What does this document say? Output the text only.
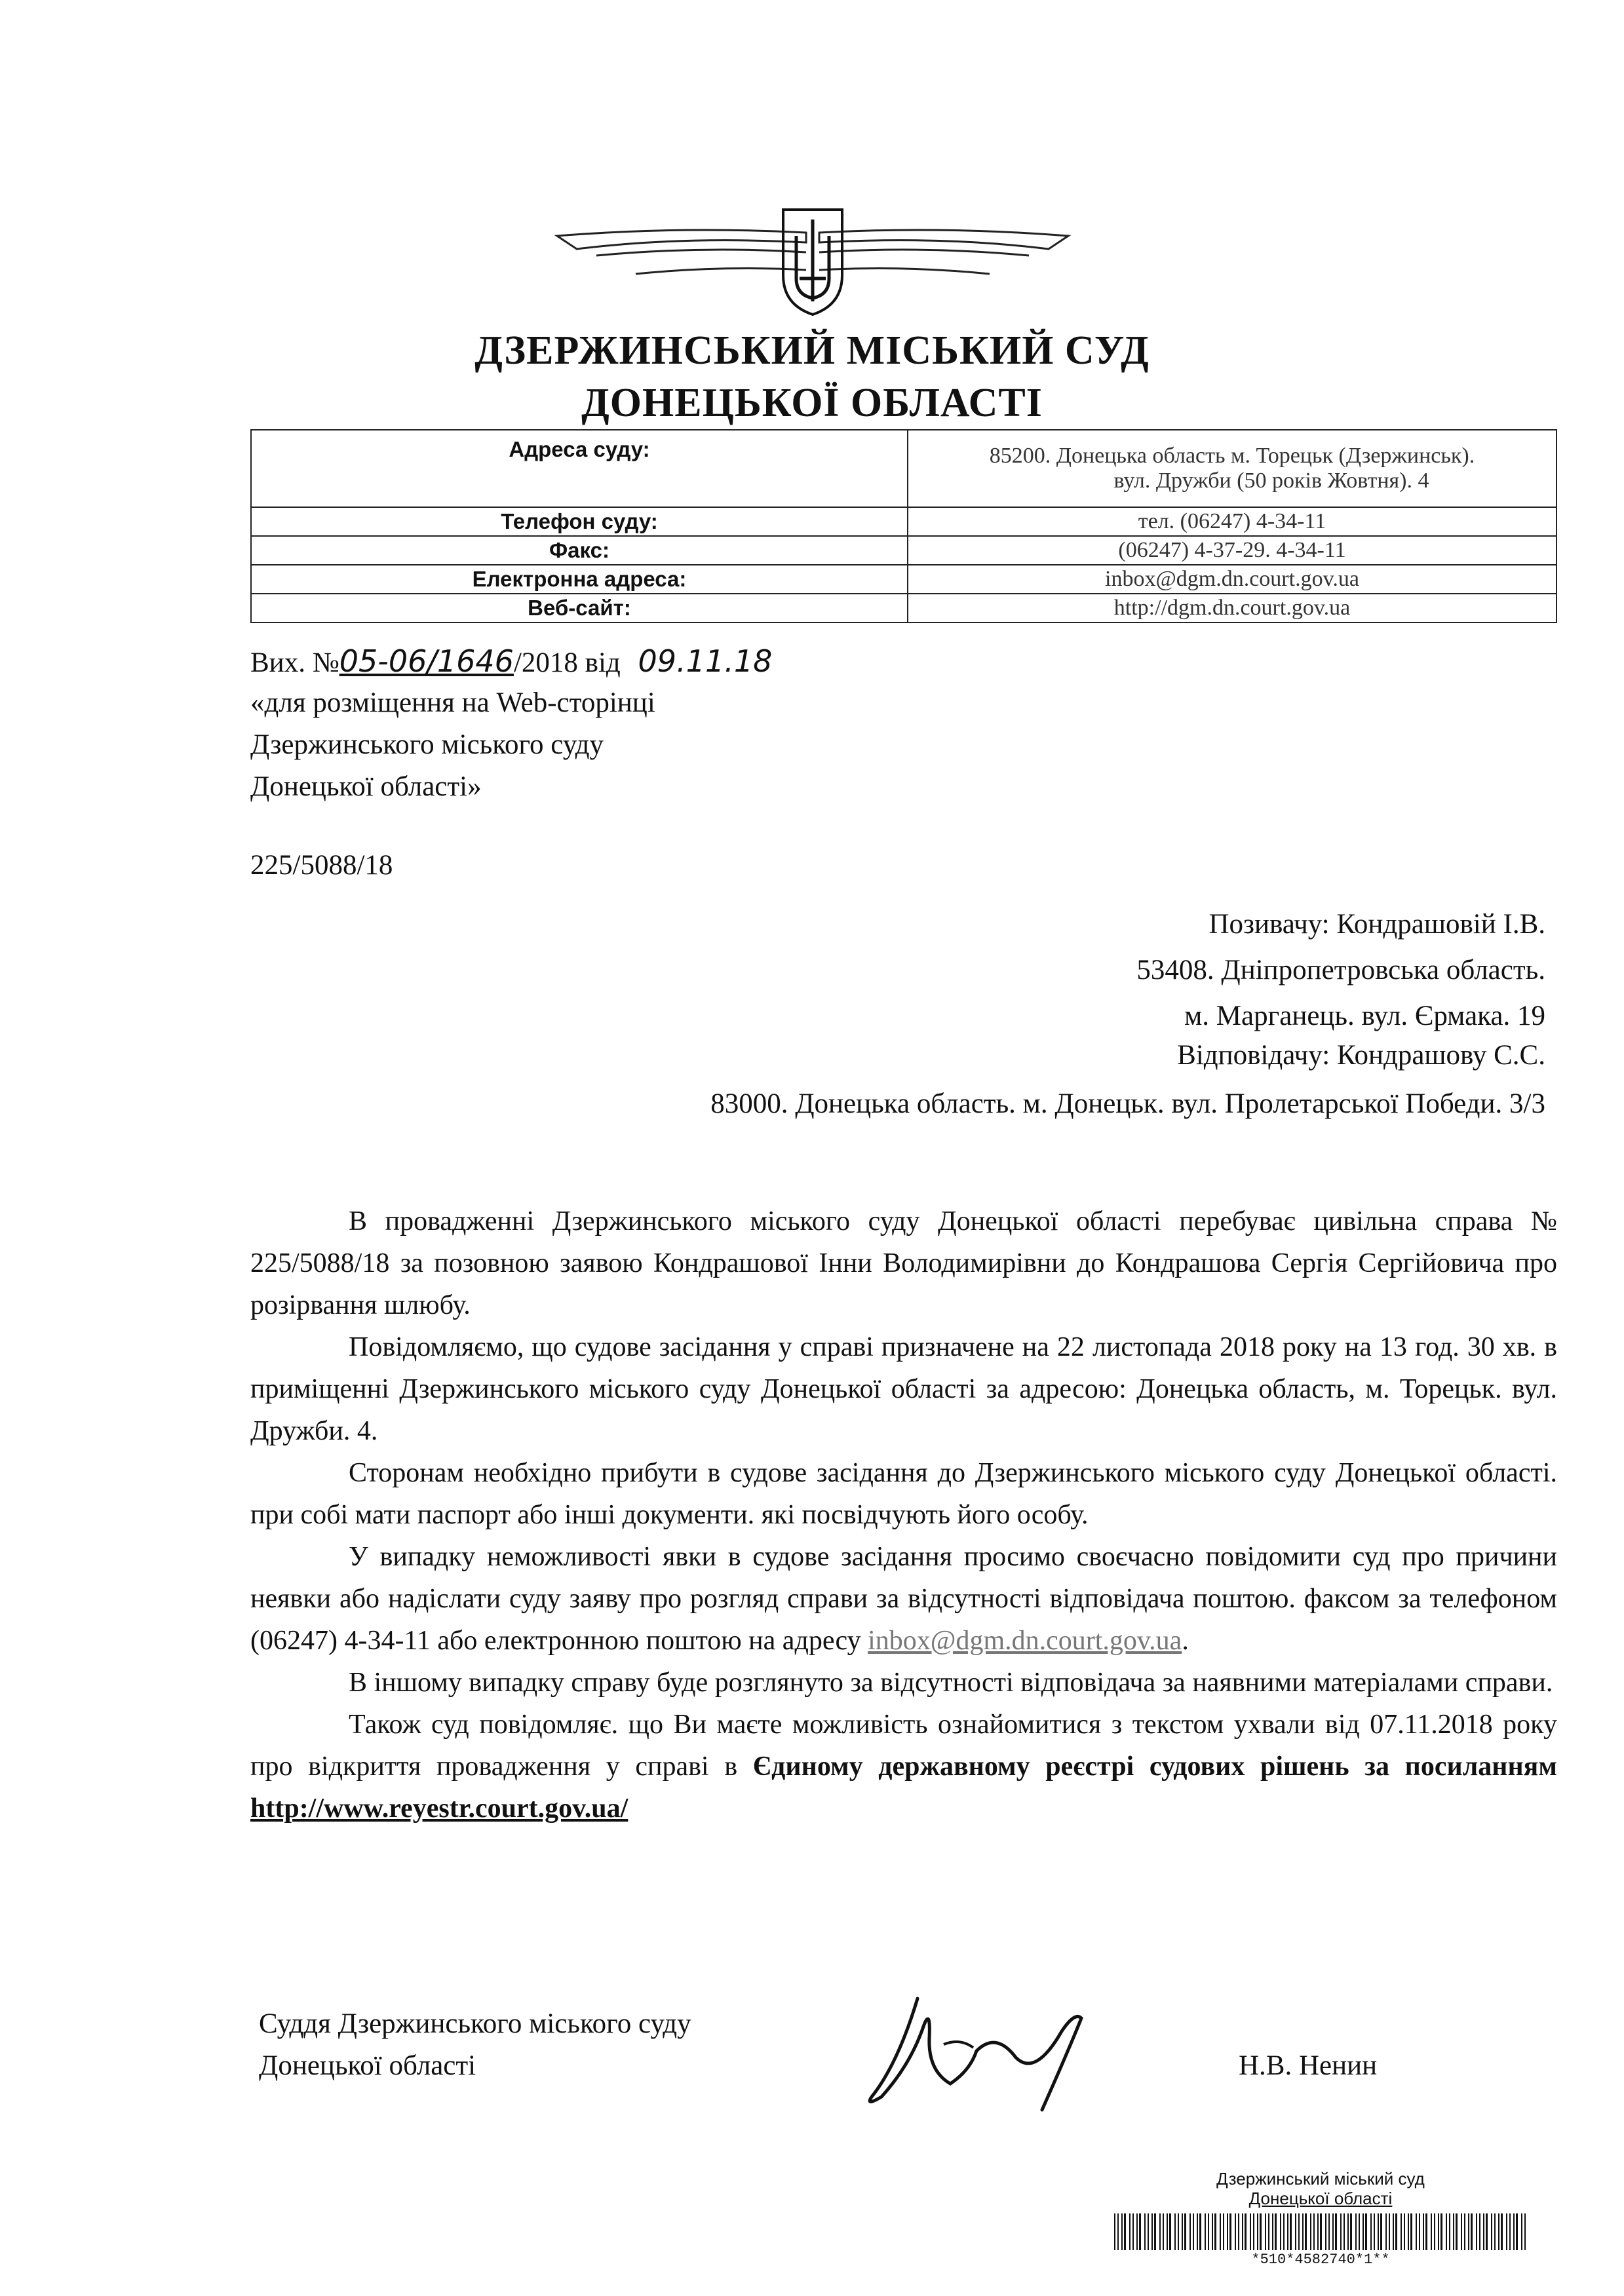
ДЗЕРЖИНСЬКИЙ МІСЬКИЙ СУД
ДОНЕЦЬКОЇ ОБЛАСТІ
Адреса суду:	85200. Донецька область м. Торецьк (Дзержинськ).
вул. Дружби (50 років Жовтня). 4

Телефон суду:	тел. (06247) 4-34-11
Факс:	(06247) 4-37-29. 4-34-11
Електронна адреса:	inbox@dgm.dn.court.gov.ua
Веб-сайт:	http://dgm.dn.court.gov.ua
Вих. №05-06/1646/2018 від 09.11.18
«для розміщення на Web-сторінці
Дзержинського міського суду
Донецької області»
225/5088/18
Позивачу: Кондрашовій І.В.
53408. Дніпропетровська область.
м. Марганець. вул. Єрмака. 19
Відповідачу: Кондрашову С.С.
83000. Донецька область. м. Донецьк. вул. Пролетарської Победи. 3/3

В провадженні Дзержинського міського суду Донецької області перебуває цивільна справа № 225/5088/18 за позовною заявою Кондрашової Інни Володимирівни до Кондрашова Сергія Сергійовича про розірвання шлюбу.

Повідомляємо, що судове засідання у справі призначене на 22 листопада 2018 року на 13 год. 30 хв. в приміщенні Дзержинського міського суду Донецької області за адресою: Донецька область, м. Торецьк. вул. Дружби. 4.

Сторонам необхідно прибути в судове засідання до Дзержинського міського суду Донецької області. при собі мати паспорт або інші документи. які посвідчують його особу.

У випадку неможливості явки в судове засідання просимо своєчасно повідомити суд про причини неявки або надіслати суду заяву про розгляд справи за відсутності відповідача поштою. факсом за телефоном (06247) 4-34-11 або електронною поштою на адресу inbox@dgm.dn.court.gov.ua.

В іншому випадку справу буде розглянуто за відсутності відповідача за наявними матеріалами справи.

Також суд повідомляє. що Ви маєте можливість ознайомитися з текстом ухвали від 07.11.2018 року про відкриття провадження у справі в Єдиному державному реєстрі судових рішень за посиланням http://www.reyestr.court.gov.ua/

Суддя Дзержинського міського суду
Донецької області	Н.В. Ненин
Дзержинський міський суд
Донецької області
*510*4582740*1**
